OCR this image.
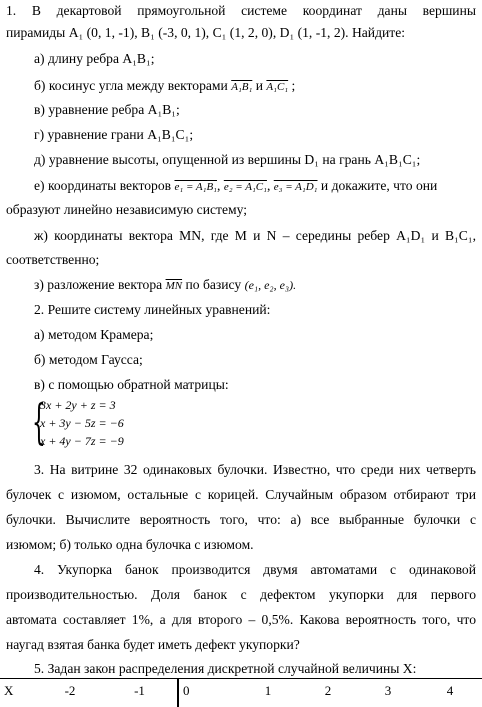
1. В декартовой прямоугольной системе координат даны вершины
пирамиды A₁ (0, 1, -1), B₁ (-3, 0, 1), C₁ (1, 2, 0), D₁ (1, -1, 2). Найдите:
а) длину ребра A₁B₁;
б) косинус угла между векторами A₁B₁ и A₁C₁ ;
в) уравнение ребра A₁B₁;
г) уравнение грани A₁B₁C₁;
д) уравнение высоты, опущенной из вершины D₁ на грань A₁B₁C₁;
е) координаты векторов e₁ = A₁B₁, e₂ = A₁C₁, e₃ = A₁D₁ и докажите, что они
образуют линейно независимую систему;
ж) координаты вектора MN, где M и N – середины ребер A₁D₁ и B₁C₁,
соответственно;
з) разложение вектора $\overline{MN}$ по базису (e₁, e₂, e₃).
2. Решите систему линейных уравнений:
а) методом Крамера;
б) методом Гаусса;
в) с помощью обратной матрицы:
{
3x + 2y + z = 3
x + 3y − 5z = −6
x + 4y − 7z = −9
3. На витрине 32 одинаковых булочки. Известно, что среди них четверть
булочек с изюмом, остальные с корицей. Случайным образом отбирают три
булочки. Вычислите вероятность того, что: а) все выбранные булочки с
изюмом; б) только одна булочка с изюмом.
4. Укупорка банок производится двумя автоматами с одинаковой
производительностью. Доля банок с дефектом укупорки для первого
автомата составляет 1%, а для второго – 0,5%. Какова вероятность того, что
наугад взятая банка будет иметь дефект укупорки?
5. Задан закон распределения дискретной случайной величины X:
X	-2	-1	0	1	2	3	4
